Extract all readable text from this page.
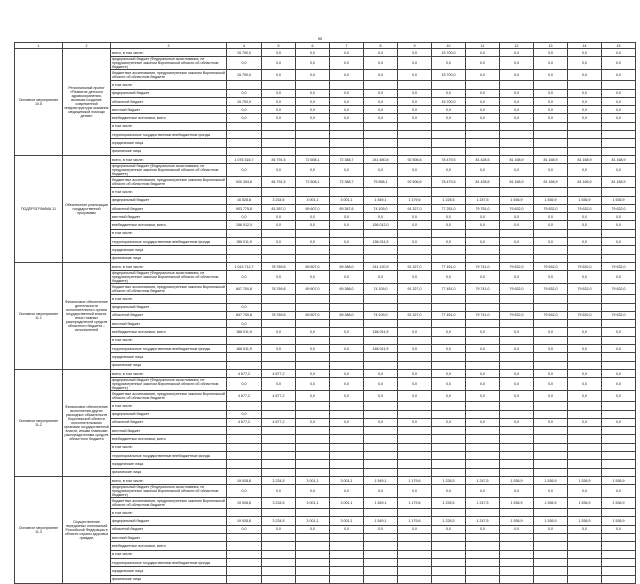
90
1	2	3	4	5	6	7	8	9	10	11	12	13	14	15
Основное мероприятие 10.5	Региональный проект «Развитие детского здравоохранения, включая создание современной инфраструктуры оказания медицинской помощи детям»	всего, в том числе:	15 700,0	0,0	0,0	0,0	0,0	0,0	15 700,0	0,0	0,0	0,0	0,0	0,0
		федеральный бюджет (Федеральные ассигнования, не предусмотренные законом Воронежской области об областном бюджете)	0,0	0,0	0,0	0,0	0,0	0,0	0,0	0,0	0,0	0,0	0,0	0,0
		бюджетные ассигнования, предусмотренные законом Воронежской области об областном бюджете	15 700,0	0,0	0,0	0,0	0,0	0,0	15 700,0	0,0	0,0	0,0	0,0	0,0
		в том числе:												
		федеральный бюджет	0,0	0,0	0,0	0,0	0,0	0,0	0,0	0,0	0,0	0,0	0,0	0,0
		областной бюджет	15 700,0	0,0	0,0	0,0	0,0	0,0	15 700,0	0,0	0,0	0,0	0,0	0,0
		местный бюджет	0,0	0,0	0,0	0,0	0,0	0,0	0,0	0,0	0,0	0,0	0,0	0,0
		внебюджетные источники, всего	0,0	0,0	0,0	0,0	0,0	0,0	0,0	0,0	0,0	0,0	0,0	0,0
		в том числе:												
		территориальные государственные внебюджетные фонды												
		юридические лица												
		физические лица												
ПОДПРОГРАММА 11	Обеспечение реализации государственной программы	всего, в том числе:	1 076 316,7	84 791,5	72 608,1	72 388,7	241 650,8	92 506,6	78 479,5	81 428,5	81 168,9	81 168,9	81 168,9	81 168,9
		федеральный бюджет (Федеральные ассигнования, не предусмотренные законом Воронежской области об областном бюджете)	0,0	0,0	0,0	0,0	0,0	0,0	0,0	0,0	0,0	0,0	0,0	0,0
		бюджетные ассигнования, предусмотренные законом Воронежской области об областном бюджете	920 304,6	84 791,5	72 608,1	72 388,7	75 658,1	92 506,6	78 479,5	81 428,5	81 168,9	81 168,9	81 168,9	81 168,9
		в том числе:												
		федеральный бюджет	16 528,8	3 234,5	3 001,1	3 001,1	1 549,1	1 179,6	1 228,5	1 247,5	1 536,9	1 536,9	1 536,9	1 536,9
		областной бюджет	903 775,8	81 557,0	69 607,0	69 387,6	74 109,0	91 327,0	77 251,0	79 751,0	79 632,0	79 632,0	79 632,0	79 632,0
		местный бюджет	0,0	0,0	0,0	0,0	0,0	0,0	0,0	0,0	0,0	0,0	0,0	0,0
		внебюджетные источники, всего	156 012,0	0,0	0,0	0,0	156 012,0	0,0	0,0	0,0	0,0	0,0	0,0	0,0
		в том числе:												
		территориальные государственные внебюджетные фонды	156 011,9	0,0	0,0	0,0	156 011,9	0,0	0,0	0,0	0,0	0,0	0,0	0,0
		юридические лица												
		физические лица												
Основное мероприятие 11.1	Финансовое обеспечение деятельности исполнительного органа государственной власти, иных главных распорядителей средств областного бюджета – исполнителей	всего, в том числе:	1 013 712,7	78 769,8	69 607,0	69 388,0	241 120,9	91 327,0	77 451,0	79 741,0	79 632,0	79 632,0	79 632,0	79 632,0
		федеральный бюджет (Федеральные ассигнования, не предусмотренные законом Воронежской области об областном бюджете)	0,0	0,0	0,0	0,0	0,0	0,0	0,0	0,0	0,0	0,0	0,0	0,0
		бюджетные ассигнования, предусмотренные законом Воронежской области об областном бюджете	847 700,8	78 769,8	69 607,0	69 388,0	74 109,0	91 327,0	77 451,0	79 741,0	79 632,0	79 632,0	79 632,0	79 632,0
		в том числе:												
		федеральный бюджет	0,0											
		областной бюджет	847 700,8	78 769,8	69 607,0	69 388,0	74 109,0	91 327,0	77 451,0	79 741,0	79 632,0	79 632,0	79 632,0	79 632,0
		местный бюджет	0,0											
		внебюджетные источники, всего	166 011,9	0,0	0,0	0,0	166 011,9	0,0	0,0	0,0	0,0	0,0	0,0	0,0
		в том числе:												
		территориальные государственные внебюджетные фонды	166 011,9	0,0	0,0	0,0	166 011,9	0,0	0,0	0,0	0,0	0,0	0,0	0,0
		юридические лица												
		физические лица												
Основное мероприятие 11.2	Финансовое обеспечение выполнения других расходных обязательств Воронежской области исполнительными органами государственной власти, иными главными распорядителями средств областного бюджета	всего, в том числе:	4 677,2	4 677,2	0,0	0,0	0,0	0,0	0,0	0,0	0,0	0,0	0,0	0,0
		федеральный бюджет (Федеральные ассигнования, не предусмотренные законом Воронежской области об областном бюджете)	0,0	0,0	0,0	0,0	0,0	0,0	0,0	0,0	0,0	0,0	0,0	0,0
		бюджетные ассигнования, предусмотренные законом Воронежской области об областном бюджете	4 677,2	4 677,2	0,0	0,0	0,0	0,0	0,0	0,0	0,0	0,0	0,0	0,0
		в том числе:												
		федеральный бюджет	0,0											
		областной бюджет	4 677,2	4 677,2	0,0	0,0	0,0	0,0	0,0	0,0	0,0	0,0	0,0	0,0
		местный бюджет												
		внебюджетные источники, всего												
		в том числе:												
		территориальные государственные внебюджетные фонды												
		юридические лица												
		физические лица												
Основное мероприятие 11.3	Осуществление переданных полномочий Российской Федерации в области охраны здоровья граждан	всего, в том числе:	19 928,8	3 234,5	3 001,1	3 001,1	1 549,1	1 179,6	1 228,5	1 247,5	1 536,9	1 536,9	1 536,9	1 536,9
		федеральный бюджет (Федеральные ассигнования, не предусмотренные законом Воронежской области об областном бюджете)	0,0	0,0	0,0	0,0	0,0	0,0	0,0	0,0	0,0	0,0	0,0	0,0
		бюджетные ассигнования, предусмотренные законом Воронежской области об областном бюджете	19 928,8	3 234,5	3 001,1	3 001,1	1 549,1	1 179,6	1 228,5	1 247,5	1 536,9	1 536,9	1 536,9	1 536,9
		в том числе:												
		федеральный бюджет	19 928,8	3 234,5	3 001,1	3 001,1	1 549,1	1 179,6	1 228,5	1 247,5	1 536,9	1 536,9	1 536,9	1 536,9
		областной бюджет	0,0	0,0	0,0	0,0	0,0	0,0	0,0	0,0	0,0	0,0	0,0	0,0
		местный бюджет												
		внебюджетные источники, всего												
		в том числе:												
		территориальные государственные внебюджетные фонды												
		юридические лица												
		физические лица												
